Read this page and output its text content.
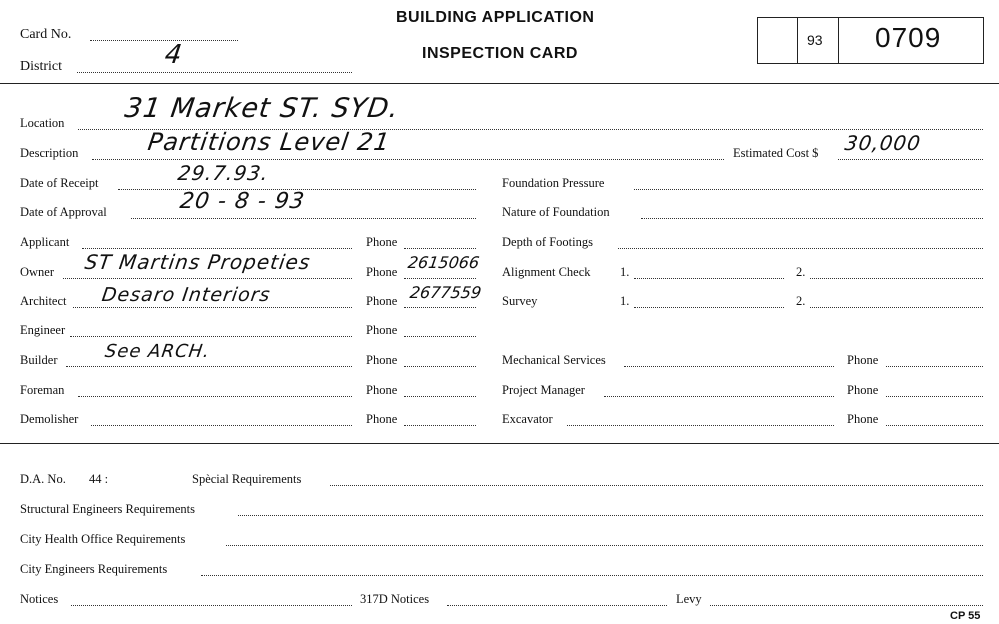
Card No.
District	4
BUILDING APPLICATION
INSPECTION CARD
93 0709
Location 31 Market ST. SYD.
Description	Partitions Level 21	Estimated Cost $ 30,000
Date of Receipt	29.7.93.
Date of Approval	20 - 8 - 93
Applicant	Phone
Owner ST Martins Propeties	Phone 2615066
Architect Desaro Interiors	Phone 2677559
Engineer	Phone
Builder	See ARCH.	Phone
Foreman	Phone
Demolisher	Phone
Foundation Pressure
Nature of Foundation
Depth of Footings
Alignment Check 1.	2.
Survey	1.	2.
Mechanical Services	Phone
Project Manager	Phone
Excavator	Phone
D.A. No. 44 :	Spècial Requirements
Structural Engineers Requirements
City Health Office Requirements
City Engineers Requirements
Notices	317D Notices	Levy
CP 55
